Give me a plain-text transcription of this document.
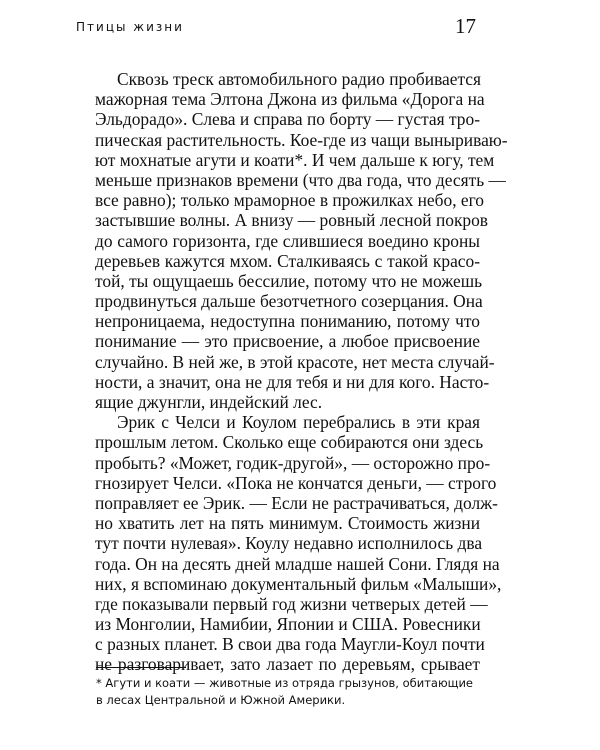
Птицы жизни	17
Сквозь треск автомобильного радио пробивается
мажорная тема Элтона Джона из фильма «Дорога на
Эльдорадо». Слева и справа по борту — густая тро-
пическая растительность. Кое-где из чащи выныриваю-
ют мохнатые агути и коати*. И чем дальше к югу, тем
меньше признаков времени (что два года, что десять —
все равно); только мраморное в прожилках небо, его
застывшие волны. А внизу — ровный лесной покров
до самого горизонта, где слившиеся воедино кроны
деревьев кажутся мхом. Сталкиваясь с такой красо-
той, ты ощущаешь бессилие, потому что не можешь
продвинуться дальше безотчетного созерцания. Она
непроницаема, недоступна пониманию, потому что
понимание — это присвоение, а любое присвоение
случайно. В ней же, в этой красоте, нет места случай-
ности, а значит, она не для тебя и ни для кого. Насто-
ящие джунгли, индейский лес.
Эрик с Челси и Коулом перебрались в эти края
прошлым летом. Сколько еще собираются они здесь
пробыть? «Может, годик-другой», — осторожно про-
гнозирует Челси. «Пока не кончатся деньги, — строго
поправляет ее Эрик. — Если не растрачиваться, долж-
но хватить лет на пять минимум. Стоимость жизни
тут почти нулевая». Коулу недавно исполнилось два
года. Он на десять дней младше нашей Сони. Глядя на
них, я вспоминаю документальный фильм «Малыши»,
где показывали первый год жизни четверых детей —
из Монголии, Намибии, Японии и США. Ровесники
с разных планет. В свои два года Маугли-Коул почти
не разговаривает, зато лазает по деревьям, срывает
* Агути и коати — животные из отряда грызунов, обитающие
в лесах Центральной и Южной Америки.
